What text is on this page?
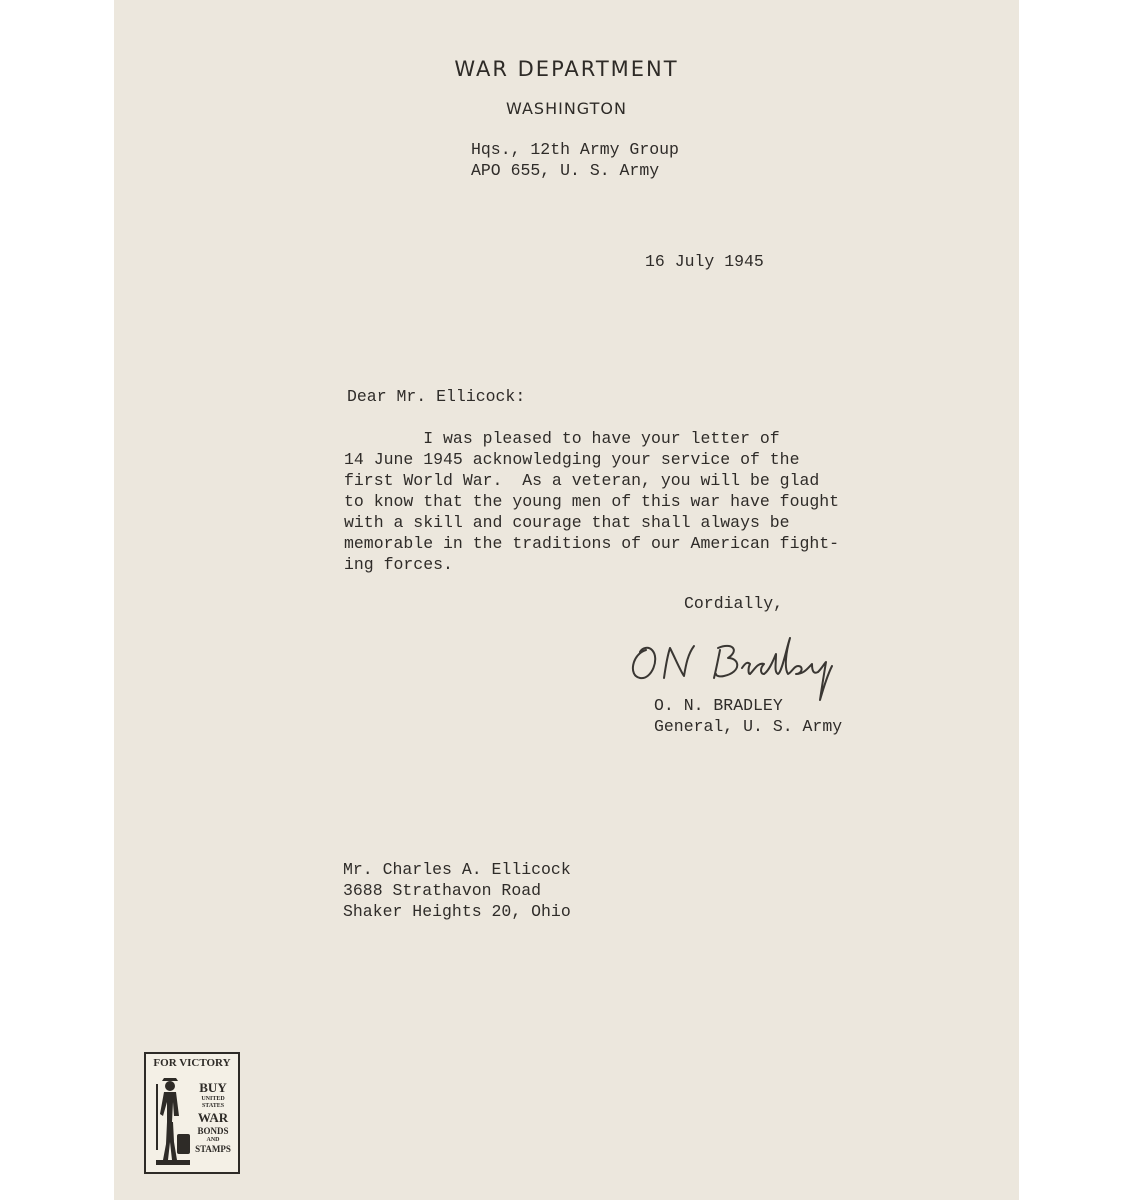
WAR DEPARTMENT
WASHINGTON
Hqs., 12th Army Group
APO 655, U. S. Army
16 July 1945
Dear Mr. Ellicock:
I was pleased to have your letter of
14 June 1945 acknowledging your service of the
first World War.  As a veteran, you will be glad
to know that the young men of this war have fought
with a skill and courage that shall always be
memorable in the traditions of our American fight-
ing forces.
Cordially,
O. N. BRADLEY
General, U. S. Army
Mr. Charles A. Ellicock
3688 Strathavon Road
Shaker Heights 20, Ohio
FOR VICTORY
BUY
UNITED
STATES
WAR
BONDS
AND
STAMPS
